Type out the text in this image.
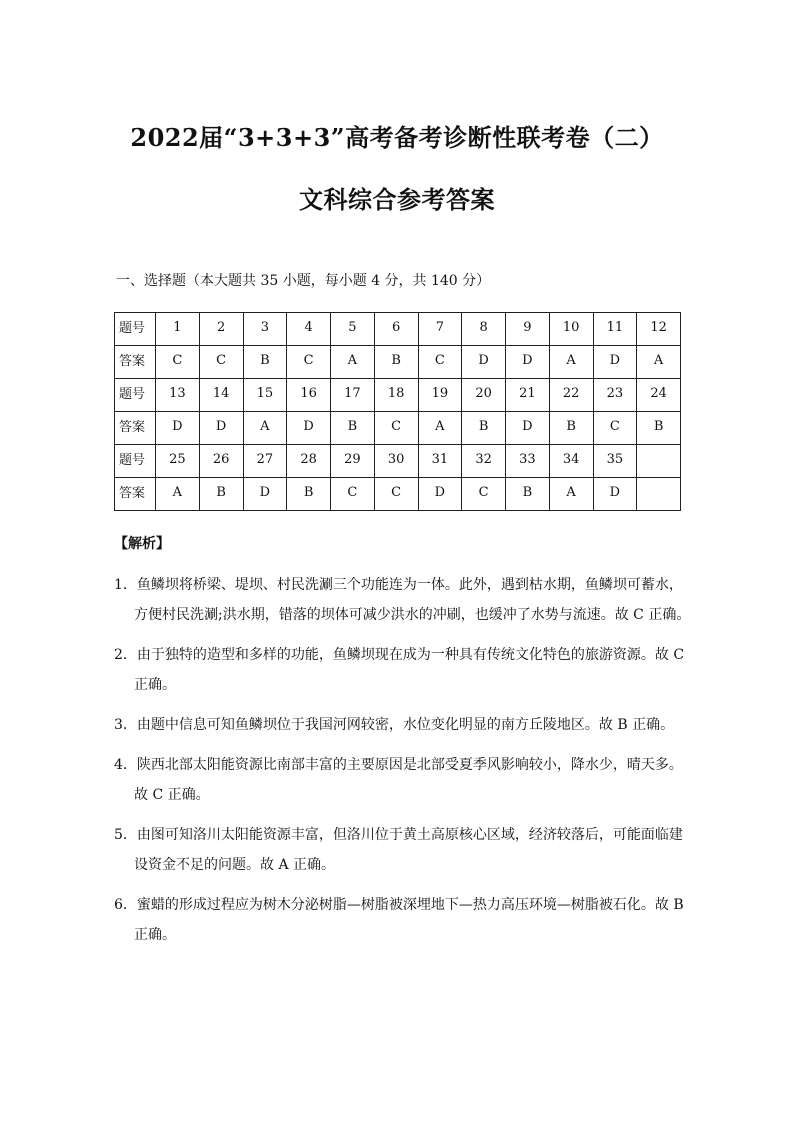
2022届“3+3+3”高考备考诊断性联考卷（二）
文科综合参考答案

一、选择题（本大题共 35 小题，每小题 4 分，共 140 分）

题号	1	2	3	4	5	6	7	8	9	10	11	12
答案	C	C	B	C	A	B	C	D	D	A	D	A
题号	13	14	15	16	17	18	19	20	21	22	23	24
答案	D	D	A	D	B	C	A	B	D	B	C	B
题号	25	26	27	28	29	30	31	32	33	34	35	
答案	A	B	D	B	C	C	D	C	B	A	D	

【解析】

1．鱼鳞坝将桥梁、堤坝、村民洗涮三个功能连为一体。此外，遇到枯水期，鱼鳞坝可蓄水，方便村民洗涮;洪水期，错落的坝体可减少洪水的冲刷，也缓冲了水势与流速。故 C 正确。
2．由于独特的造型和多样的功能，鱼鳞坝现在成为一种具有传统文化特色的旅游资源。故 C 正确。
3．由题中信息可知鱼鳞坝位于我国河网较密，水位变化明显的南方丘陵地区。故 B 正确。
4．陕西北部太阳能资源比南部丰富的主要原因是北部受夏季风影响较小，降水少，晴天多。故 C 正确。
5．由图可知洛川太阳能资源丰富，但洛川位于黄土高原核心区域，经济较落后，可能面临建设资金不足的问题。故 A 正确。
6．蜜蜡的形成过程应为树木分泌树脂—树脂被深埋地下—热力高压环境—树脂被石化。故 B 正确。
